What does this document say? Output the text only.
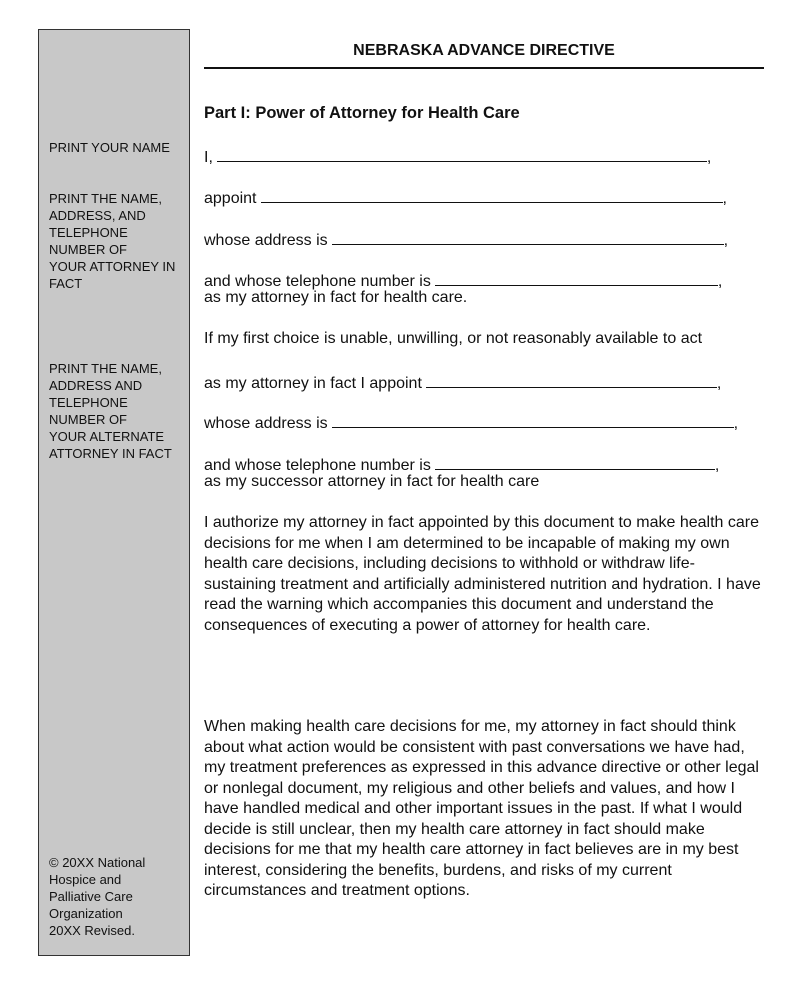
PRINT YOUR NAME
PRINT THE NAME,
ADDRESS, AND
TELEPHONE
NUMBER OF
YOUR ATTORNEY IN
FACT
PRINT THE NAME,
ADDRESS AND
TELEPHONE
NUMBER OF
YOUR ALTERNATE
ATTORNEY IN FACT
© 20XX National
Hospice and
Palliative Care
Organization
20XX Revised.
NEBRASKA ADVANCE DIRECTIVE
Part I: Power of Attorney for Health Care
I,	,
appoint	,
whose address is	,
and whose telephone number is	,
as my attorney in fact for health care.
If my first choice is unable, unwilling, or not reasonably available to act
as my attorney in fact I appoint	,
whose address is	,
and whose telephone number is	,
as my successor attorney in fact for health care
I authorize my attorney in fact appointed by this document to make health care decisions for me when I am determined to be incapable of making my own health care decisions, including decisions to withhold or withdraw life-sustaining treatment and artificially administered nutrition and hydration. I have read the warning which accompanies this document and understand the consequences of executing a power of attorney for health care.
When making health care decisions for me, my attorney in fact should think about what action would be consistent with past conversations we have had, my treatment preferences as expressed in this advance directive or other legal or nonlegal document, my religious and other beliefs and values, and how I have handled medical and other important issues in the past. If what I would decide is still unclear, then my health care attorney in fact should make decisions for me that my health care attorney in fact believes are in my best interest, considering the benefits, burdens, and risks of my current circumstances and treatment options.
